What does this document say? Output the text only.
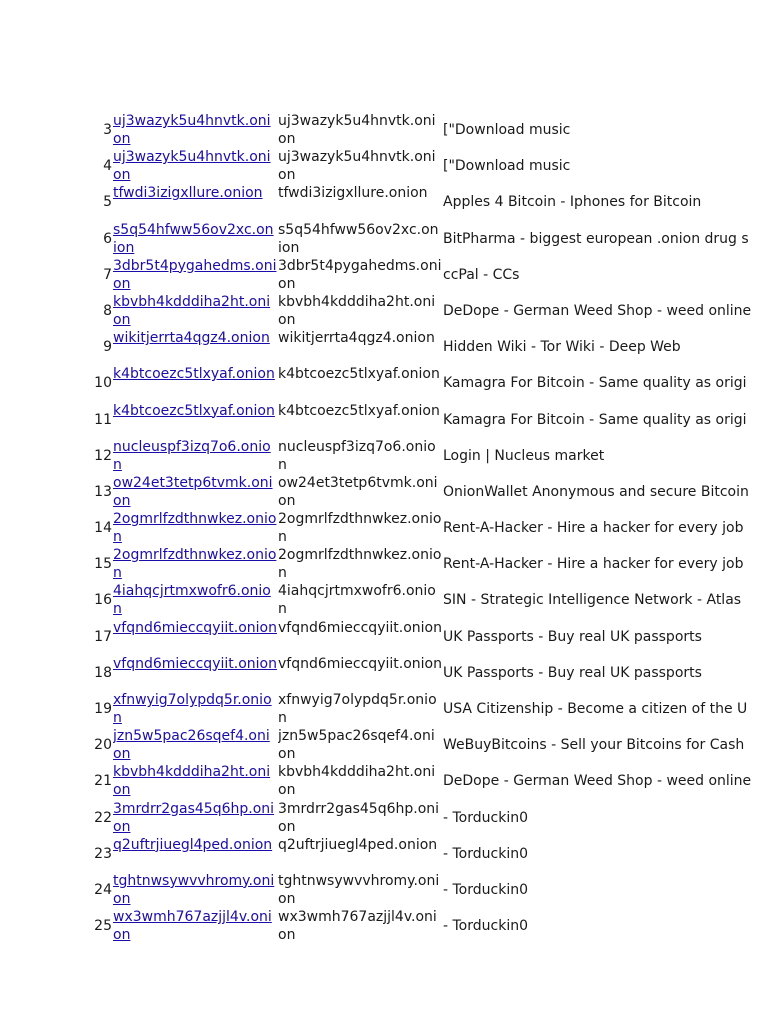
3
uj3wazyk5u4hnvtk.onion
uj3wazyk5u4hnvtk.onion
["Download music
4
uj3wazyk5u4hnvtk.onion
uj3wazyk5u4hnvtk.onion
["Download music
5
tfwdi3izigxllure.onion	tfwdi3izigxllure.onion
Apples 4 Bitcoin - Iphones for Bitcoin
6
s5q54hfww56ov2xc.onion
s5q54hfww56ov2xc.onion
BitPharma - biggest european .onion drug s
7
3dbr5t4pygahedms.onion
3dbr5t4pygahedms.onion
ccPal - CCs
8
kbvbh4kdddiha2ht.onion
kbvbh4kdddiha2ht.onion
DeDope - German Weed Shop - weed online
9
wikitjerrta4qgz4.onion wikitjerrta4qgz4.onion
Hidden Wiki - Tor Wiki - Deep Web
10
k4btcoezc5tlxyaf.onion k4btcoezc5tlxyaf.onion
Kamagra For Bitcoin - Same quality as origi
11
k4btcoezc5tlxyaf.onion k4btcoezc5tlxyaf.onion
Kamagra For Bitcoin - Same quality as origi
12
nucleuspf3izq7o6.onion
nucleuspf3izq7o6.onion
Login | Nucleus market
13
ow24et3tetp6tvmk.onion
ow24et3tetp6tvmk.onion
OnionWallet Anonymous and secure Bitcoin
14
2ogmrlfzdthnwkez.onion
2ogmrlfzdthnwkez.onion
Rent-A-Hacker - Hire a hacker for every job
15
2ogmrlfzdthnwkez.onion
2ogmrlfzdthnwkez.onion
Rent-A-Hacker - Hire a hacker for every job
16
4iahqcjrtmxwofr6.onion
4iahqcjrtmxwofr6.onion
SIN - Strategic Intelligence Network - Atlas
17
vfqnd6mieccqyiit.onion vfqnd6mieccqyiit.onion
UK Passports - Buy real UK passports
18
vfqnd6mieccqyiit.onion vfqnd6mieccqyiit.onion
UK Passports - Buy real UK passports
19
xfnwyig7olypdq5r.onion
xfnwyig7olypdq5r.onion
USA Citizenship - Become a citizen of the U
20
jzn5w5pac26sqef4.onion
jzn5w5pac26sqef4.onion
WeBuyBitcoins - Sell your Bitcoins for Cash
21
kbvbh4kdddiha2ht.onion
kbvbh4kdddiha2ht.onion
DeDope - German Weed Shop - weed online
22
3mrdrr2gas45q6hp.onion
3mrdrr2gas45q6hp.onion
- Torduckin0
23
q2uftrjiuegl4ped.onion q2uftrjiuegl4ped.onion
- Torduckin0
24
tghtnwsywvvhromy.onion
tghtnwsywvvhromy.onion
- Torduckin0
25
wx3wmh767azjjl4v.onion
wx3wmh767azjjl4v.onion
- Torduckin0
